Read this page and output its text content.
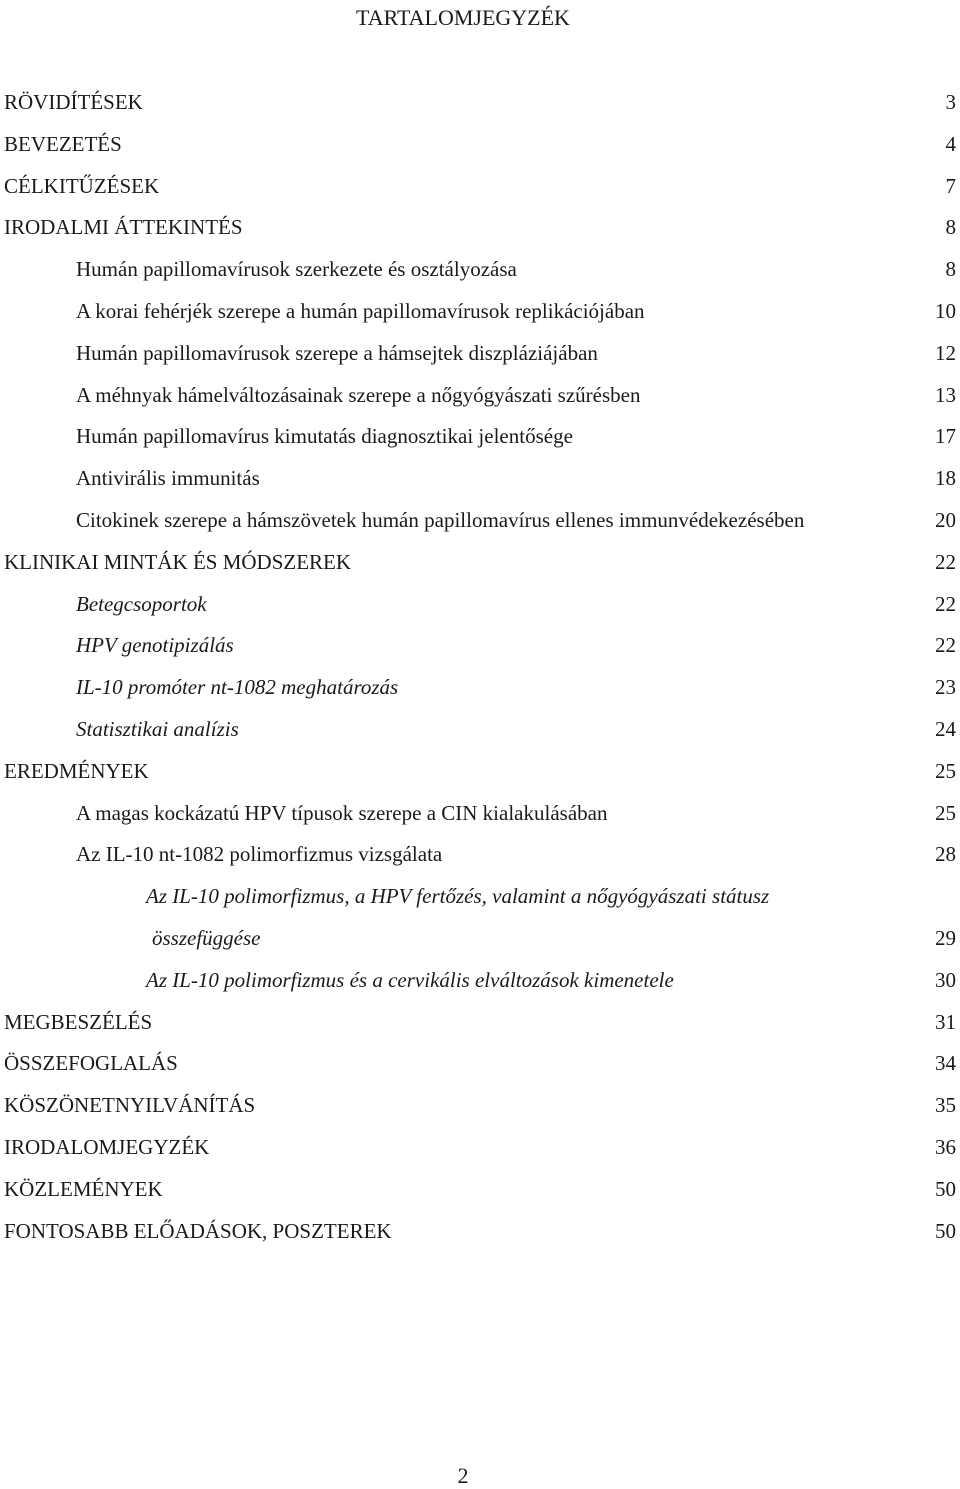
TARTALOMJEGYZÉK
RÖVIDÍTÉSEK	3
BEVEZETÉS	4
CÉLKITŰZÉSEK	7
IRODALMI ÁTTEKINTÉS	8
Humán papillomavírusok szerkezete és osztályozása	8
A korai fehérjék szerepe a humán papillomavírusok replikációjában	10
Humán papillomavírusok szerepe a hámsejtek diszpláziájában	12
A méhnyak hámelváltozásainak szerepe a nőgyógyászati szűrésben	13
Humán papillomavírus kimutatás diagnosztikai jelentősége	17
Antivirális immunitás	18
Citokinek szerepe a hámszövetek humán papillomavírus ellenes immunvédekezésében	20
KLINIKAI MINTÁK ÉS MÓDSZEREK	22
Betegcsoportok	22
HPV genotipizálás	22
IL-10 promóter nt-1082 meghatározás	23
Statisztikai analízis	24
EREDMÉNYEK	25
A magas kockázatú HPV típusok szerepe a CIN kialakulásában	25
Az IL-10 nt-1082 polimorfizmus vizsgálata	28
Az IL-10 polimorfizmus, a HPV fertőzés, valamint a nőgyógyászati státusz
összefüggése	29
Az IL-10 polimorfizmus és a cervikális elváltozások kimenetele	30
MEGBESZÉLÉS	31
ÖSSZEFOGLALÁS	34
KÖSZÖNETNYILVÁNÍTÁS	35
IRODALOMJEGYZÉK	36
KÖZLEMÉNYEK	50
FONTOSABB ELŐADÁSOK, POSZTEREK	50
2
